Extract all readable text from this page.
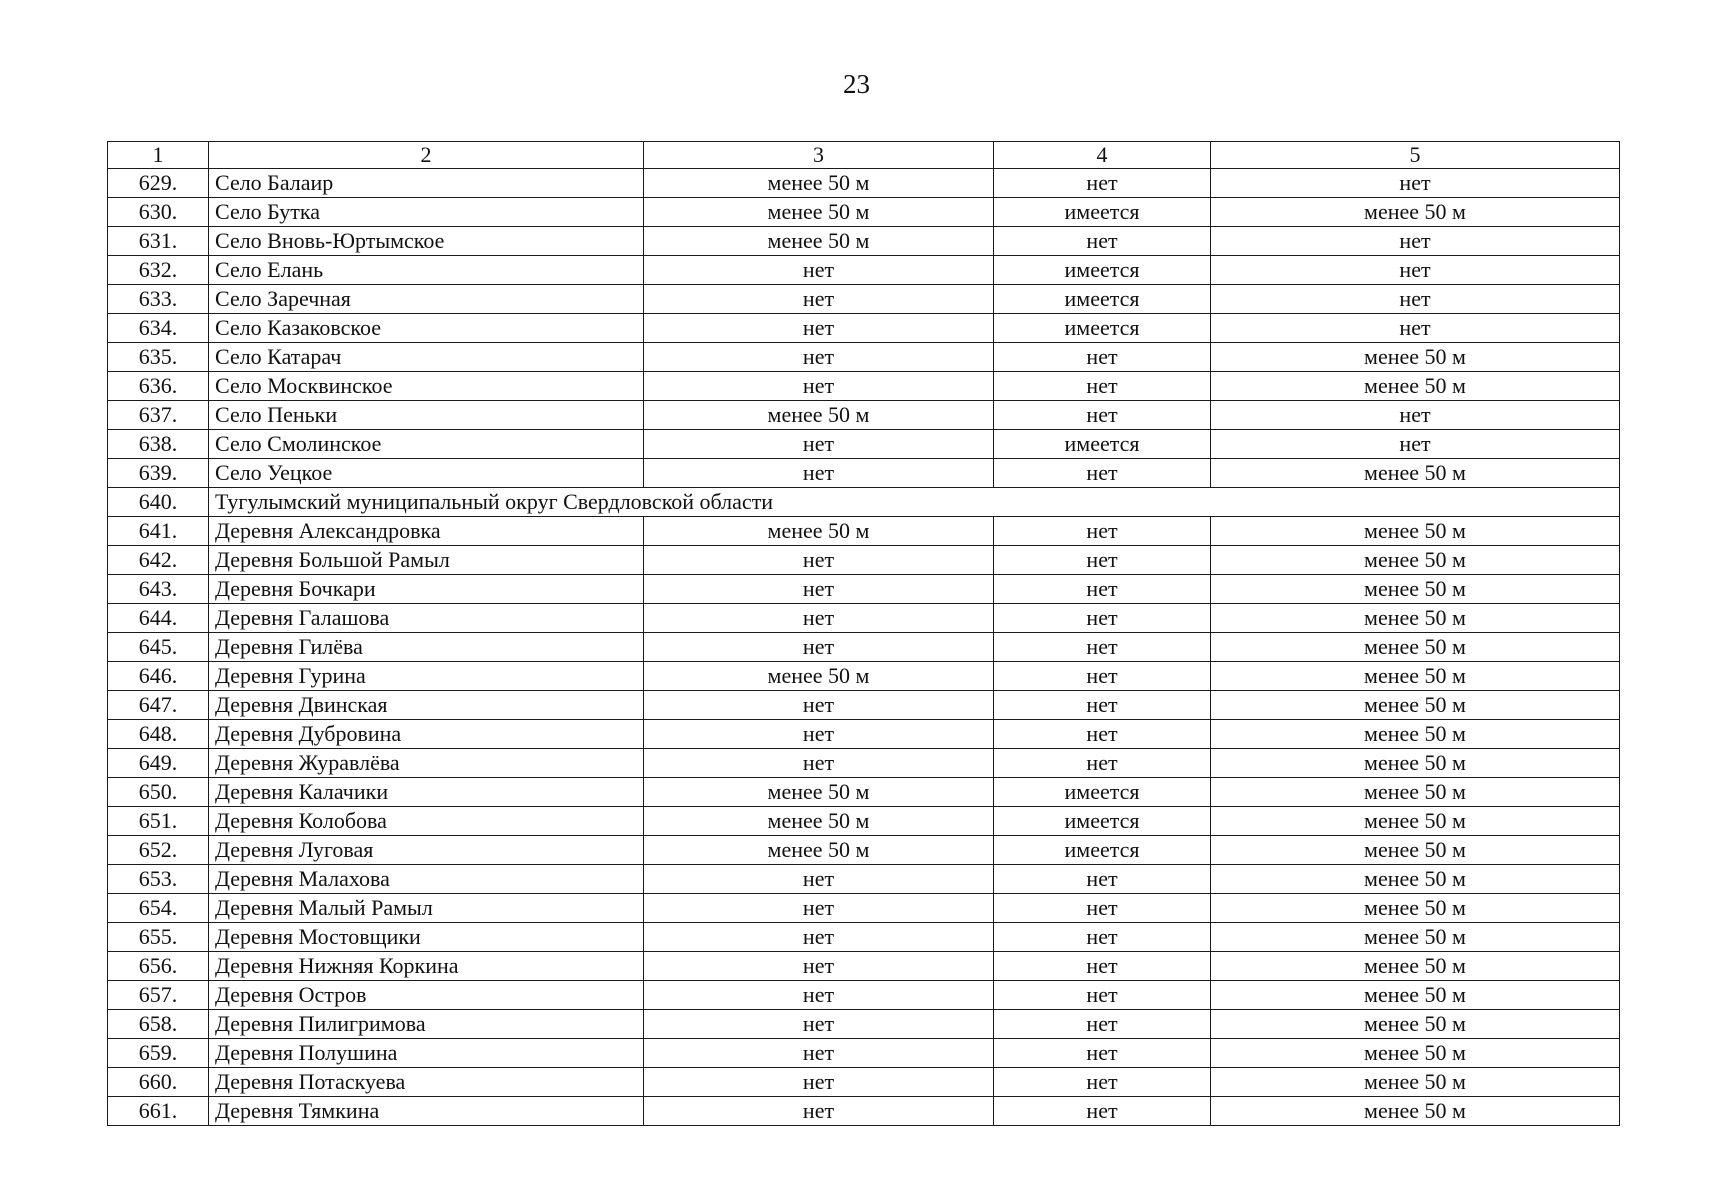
23
1	2	3	4	5
629.	Село Балаир	менее 50 м	нет	нет
630.	Село Бутка	менее 50 м	имеется	менее 50 м
631.	Село Вновь-Юртымское	менее 50 м	нет	нет
632.	Село Елань	нет	имеется	нет
633.	Село Заречная	нет	имеется	нет
634.	Село Казаковское	нет	имеется	нет
635.	Село Катарач	нет	нет	менее 50 м
636.	Село Москвинское	нет	нет	менее 50 м
637.	Село Пеньки	менее 50 м	нет	нет
638.	Село Смолинское	нет	имеется	нет
639.	Село Уецкое	нет	нет	менее 50 м
640.	Тугулымский муниципальный округ Свердловской области			
641.	Деревня Александровка	менее 50 м	нет	менее 50 м
642.	Деревня Большой Рамыл	нет	нет	менее 50 м
643.	Деревня Бочкари	нет	нет	менее 50 м
644.	Деревня Галашова	нет	нет	менее 50 м
645.	Деревня Гилёва	нет	нет	менее 50 м
646.	Деревня Гурина	менее 50 м	нет	менее 50 м
647.	Деревня Двинская	нет	нет	менее 50 м
648.	Деревня Дубровина	нет	нет	менее 50 м
649.	Деревня Журавлёва	нет	нет	менее 50 м
650.	Деревня Калачики	менее 50 м	имеется	менее 50 м
651.	Деревня Колобова	менее 50 м	имеется	менее 50 м
652.	Деревня Луговая	менее 50 м	имеется	менее 50 м
653.	Деревня Малахова	нет	нет	менее 50 м
654.	Деревня Малый Рамыл	нет	нет	менее 50 м
655.	Деревня Мостовщики	нет	нет	менее 50 м
656.	Деревня Нижняя Коркина	нет	нет	менее 50 м
657.	Деревня Остров	нет	нет	менее 50 м
658.	Деревня Пилигримова	нет	нет	менее 50 м
659.	Деревня Полушина	нет	нет	менее 50 м
660.	Деревня Потаскуева	нет	нет	менее 50 м
661.	Деревня Тямкина	нет	нет	менее 50 м
